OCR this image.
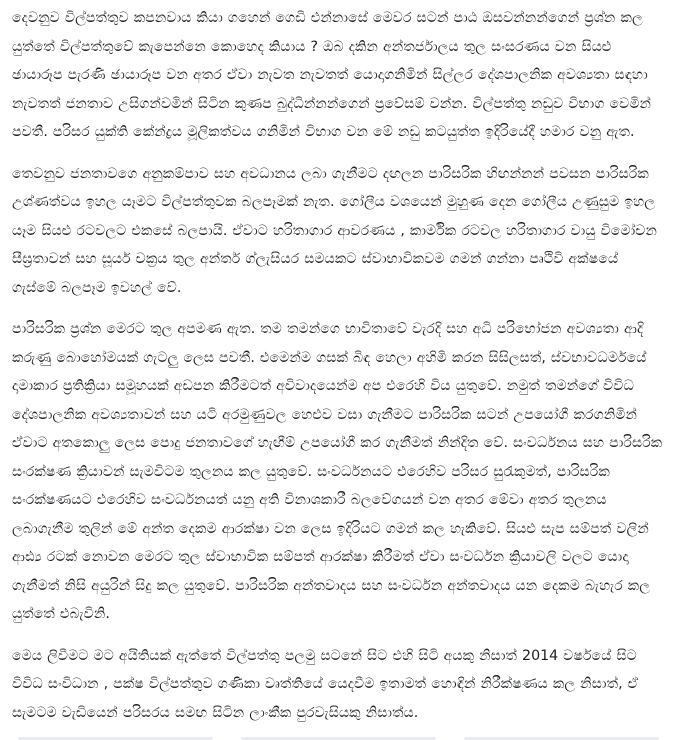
දෙවනුව විල්පත්තුව කපනවාය කියා ගහෙන් ගෙඩි එන්නාසේ මෙවර සටන් පාඨ ඔසවන්නන්ගෙන් ප්‍රශ්න කල යුත්තේ විල්පත්තුවේ කැපෙන්නෙ කොහෙද කියාය ? ඔබ දකින අන්තර්ජාලය තුල සංසරණය වන සියළු ඡායාරූප පැරණි ඡායාරූප වන අතර ඒවා නැවත නැවතත් යොදාගනිමින් සිල්ලර දේශපාලනික අවශ්‍යතා සඳහා නැවතත් ජනතාව උසිගන්වමින් සිටින කුණප බුද්ධින්නන්ගෙන් ප්‍රවේසම් වන්න. විල්පත්තු නඩුව විභාග වෙමින් පවතී. පරිසර යුක්ති කේන්ද්‍රය මූලිකත්වය ගනිමින් විභාග වන මේ නඩු කටයුත්ත ඉදිරියේදී හමාර වනු ඇත.

තෙවනුව ජනතාවගෙ අනුකම්පාව සහ අවධානය ලබා ගැනීමට දඟලන පාරිසරික හිඟන්නන් පවසන පාරිසරික උශ්ණත්වය ඉහල යෑමට විල්පත්තුවක බලපෑමක් නැත. ගෝලීය වශයෙන් මුහුණ දෙන ගෝලීය උණුසුම ඉහල යෑම සියළු රටවලට එකසේ බලපායි. ඒවාට හරිතාගාර ආවරණය , කාර්මික රටවල හරිතාගාර වායු විමෝචන සීඝ්‍රතාවන් සහ සූර්ය චක්‍රය තුල අන්තර් ග්ලැසියර සමයකට ස්වාභාවිකවම ගමන් ගන්නා පෘථිවි අක්ෂයේ ගැස්මේ බලපෑම ඉවහල් වේ.

පාරිසරික ප්‍රශ්න මෙරට තුල අපමණ ඇත. තම තමන්ගෙ භාවිතාවේ වැරදි සහ අධි පරිභෝජන අවශ්‍යතා ආදි කරුණු බොහෝමයක් ගැටලු ලෙස පවතී. එමෙන්ම ගසක් බිඳ හෙලා අහිමි කරන සිසිලසත්, ස්වභාවධර්මයේ දාමාකාර ප්‍රතික්‍රියා සමූහයක් අඩපන කිරීමටත් අවිවාදයෙන්ම අප එරෙහි විය යුතුවේ. නමුත් තමන්ගේ විවිධ දේශපාලනික අවශ්‍යතාවන් සහ යටි අරමුණුවල හෙළුව වසා ගැනීමට පාරිසරික සටන් උපයෝගී කරගනිමින් ඒවාට අතකොලු ලෙස පොදු ජනතාවගේ හැඟීම් උපයෝගී කර ගැනීමත් නින්දිත වේ. සංවර්ධනය සහ පාරිසරික සංරක්ෂණ ක්‍රියාවන් සැමවිටම තුලනය කල යුතුවේ. සංවර්ධනයට එරෙහිව පරිසර සුරැකුමත්, පාරිසරික සංරක්ෂණයට එරෙහිව සංවර්ධනයත් යනු අති විනාශකාරී බලවේගයන් වන අතර මේවා අතර තුලනය ලබාගැනීම තුලින් මේ අන්ත දෙකම ආරක්ෂා වන ලෙස ඉදිරියට ගමන් කල හැකිවේ. සියළු සැප සම්පත් වලින් ආඪ්‍ය රටක් නොවන මෙරට තුල ස්වාභාවික සම්පත් ආරක්ෂා කිරීමත් ඒවා සංවර්ධන ක්‍රියාවලි වලට යොදා ගැනීමත් නිසි අයුරින් සිදු කල යුතුවේ. පාරිසරික අන්තවාදය සහ සංවර්ධන අන්තවාදය යන දෙකම බැහැර කල යුත්තේ එබැවිනි.

මෙය ලිවීමට මට අයිතියක් ඇත්තේ විල්පත්තු පලමු සටනේ සිට එහි සිටි අයකු නිසාත් 2014 වර්ෂයේ සිට විවිධ සංවිධාන , පක්ෂ විල්පත්තුව ගණිකා වෘත්තියේ යෙදවීම ඉතාමත් හොඳින් නිරීක්ෂණය කල නිසාත්, ඒ සැමටම වැඩියෙන් පරිසරය සමඟ සිටින ලාංකීක පුරවැසියකු නිසාත්ය.
